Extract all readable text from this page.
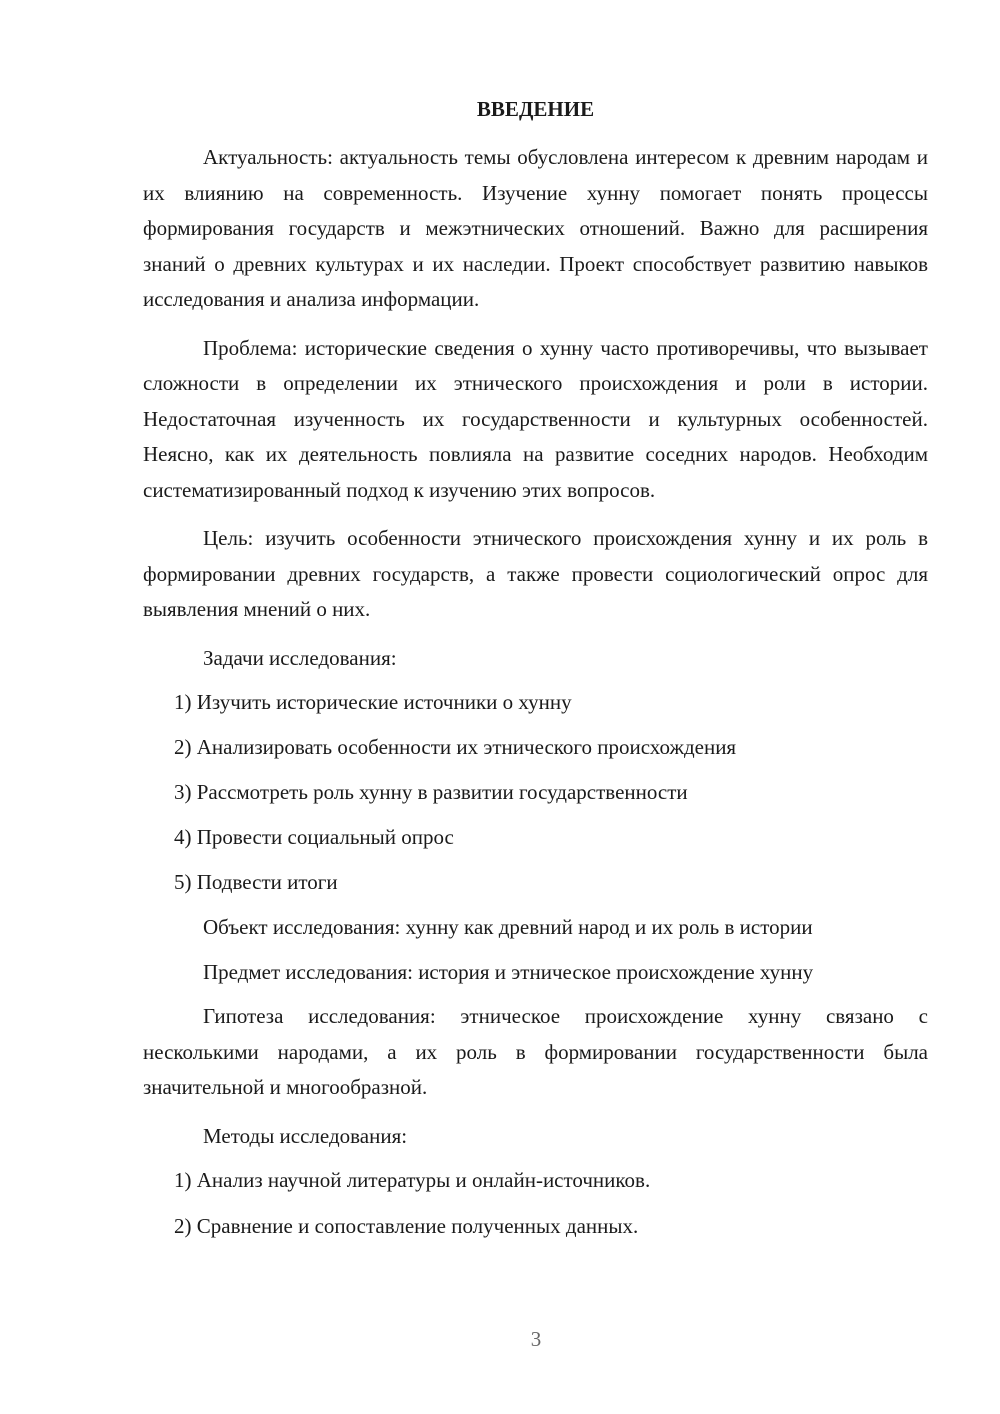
ВВЕДЕНИЕ

Актуальность: актуальность темы обусловлена интересом к древним народам и их влиянию на современность. Изучение хунну помогает понять процессы формирования государств и межэтнических отношений. Важно для расширения знаний о древних культурах и их наследии. Проект способствует развитию навыков исследования и анализа информации.

Проблема: исторические сведения о хунну часто противоречивы, что вызывает сложности в определении их этнического происхождения и роли в истории. Недостаточная изученность их государственности и культурных особенностей. Неясно, как их деятельность повлияла на развитие соседних народов. Необходим систематизированный подход к изучению этих вопросов.

Цель: изучить особенности этнического происхождения хунну и их роль в формировании древних государств, а также провести социологический опрос для выявления мнений о них.

Задачи исследования:

1) Изучить исторические источники о хунну

2) Анализировать особенности их этнического происхождения

3) Рассмотреть роль хунну в развитии государственности

4) Провести социальный опрос

5) Подвести итоги

Объект исследования: хунну как древний народ и их роль в истории

Предмет исследования: история и этническое происхождение хунну

Гипотеза исследования: этническое происхождение хунну связано с несколькими народами, а их роль в формировании государственности была значительной и многообразной.

Методы исследования:

1) Анализ научной литературы и онлайн-источников.

2) Сравнение и сопоставление полученных данных.

3
